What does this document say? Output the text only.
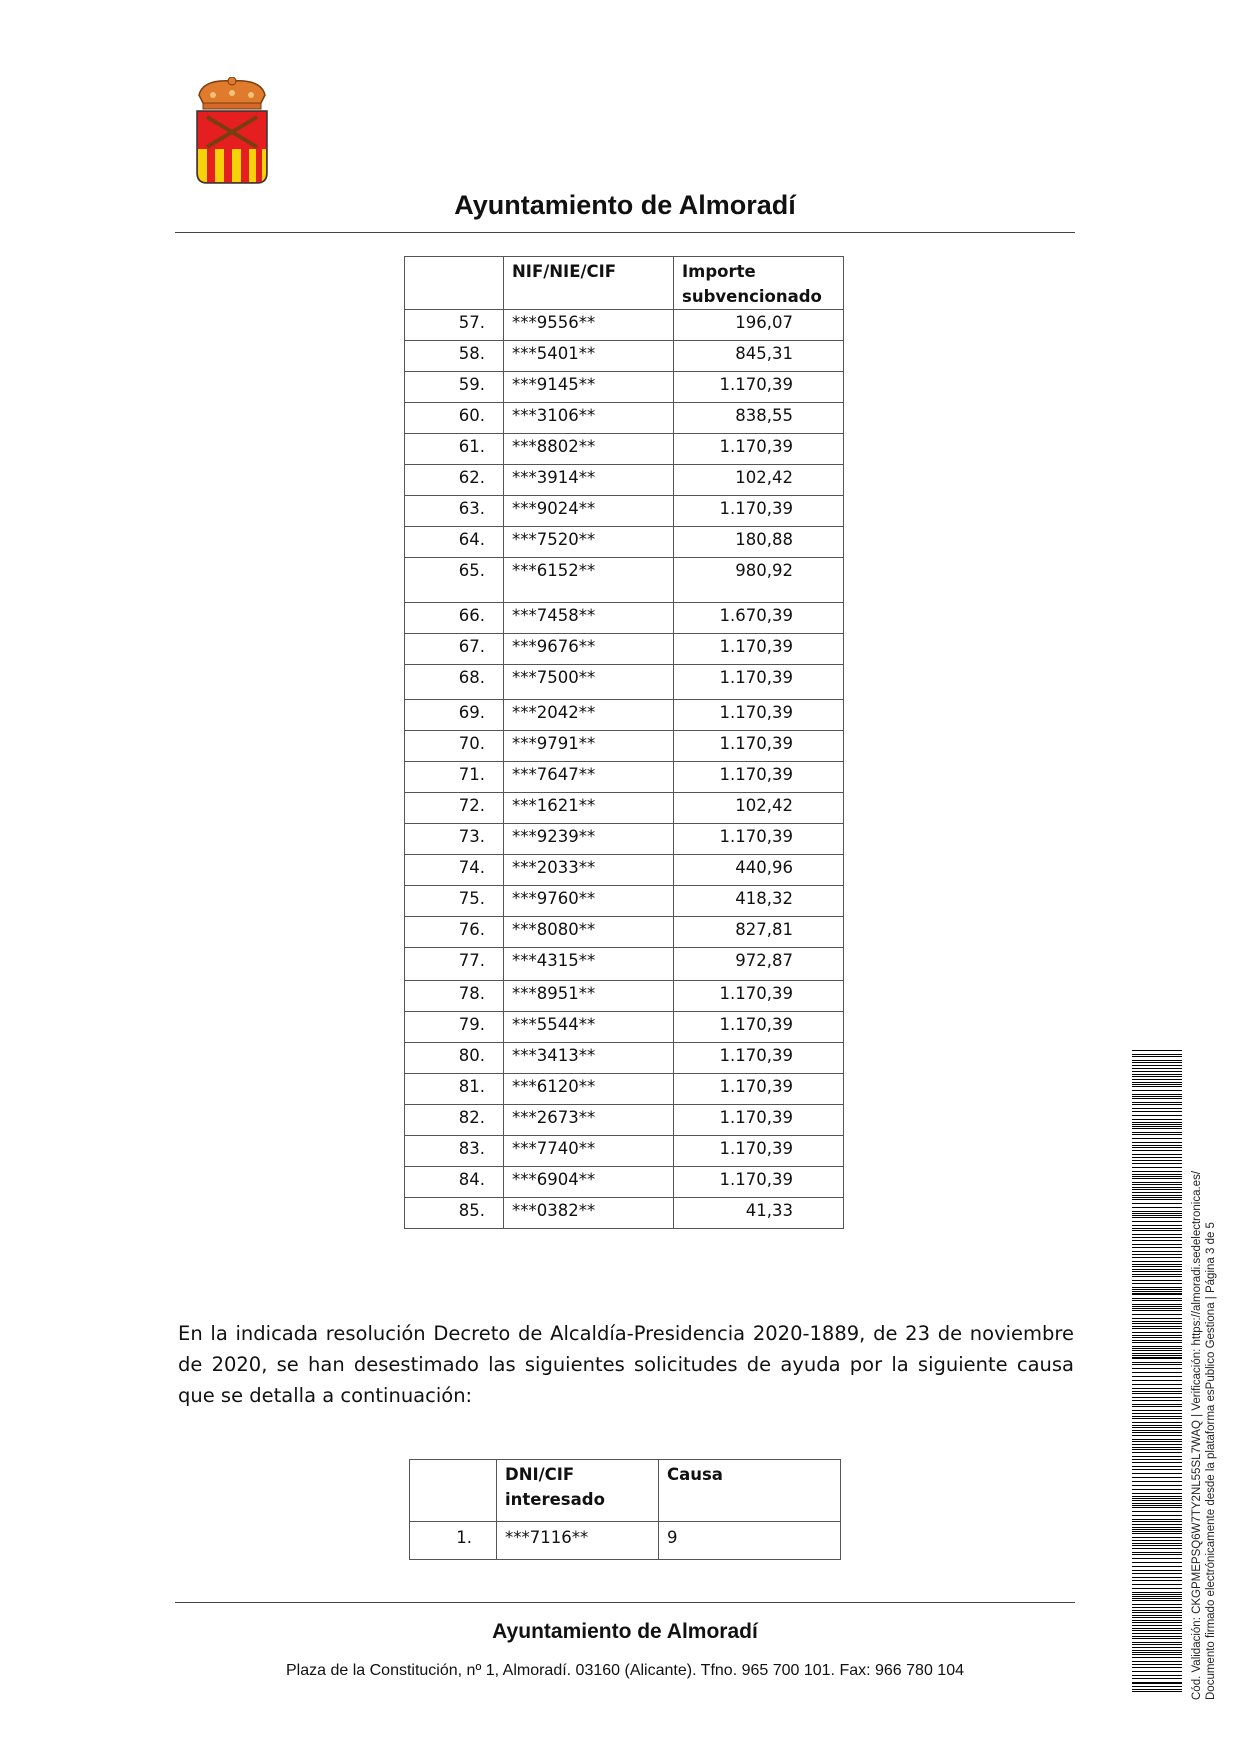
Ayuntamiento de Almoradí
	NIF/NIE/CIF	Importe subvencionado
57.	***9556**	196,07
58.	***5401**	845,31
59.	***9145**	1.170,39
60.	***3106**	838,55
61.	***8802**	1.170,39
62.	***3914**	102,42
63.	***9024**	1.170,39
64.	***7520**	180,88
65.	***6152**	980,92
66.	***7458**	1.670,39
67.	***9676**	1.170,39
68.	***7500**	1.170,39
69.	***2042**	1.170,39
70.	***9791**	1.170,39
71.	***7647**	1.170,39
72.	***1621**	102,42
73.	***9239**	1.170,39
74.	***2033**	440,96
75.	***9760**	418,32
76.	***8080**	827,81
77.	***4315**	972,87
78.	***8951**	1.170,39
79.	***5544**	1.170,39
80.	***3413**	1.170,39
81.	***6120**	1.170,39
82.	***2673**	1.170,39
83.	***7740**	1.170,39
84.	***6904**	1.170,39
85.	***0382**	41,33
En la indicada resolución Decreto de Alcaldía-Presidencia 2020-1889, de 23 de noviembre de 2020, se han desestimado las siguientes solicitudes de ayuda por la siguiente causa que se detalla a continuación:
	DNI/CIF interesado	Causa
1.	***7116**	9
Ayuntamiento de Almoradí
Plaza de la Constitución, nº 1, Almoradí. 03160 (Alicante). Tfno. 965 700 101. Fax: 966 780 104	Cód. Validación: CKGPMEPSQ6W7TY2NL55SL7WAQ | Verificación: https://almoradi.sedelectronica.es/ Documento firmado electrónicamente desde la plataforma esPublico Gestiona | Página 3 de 5
